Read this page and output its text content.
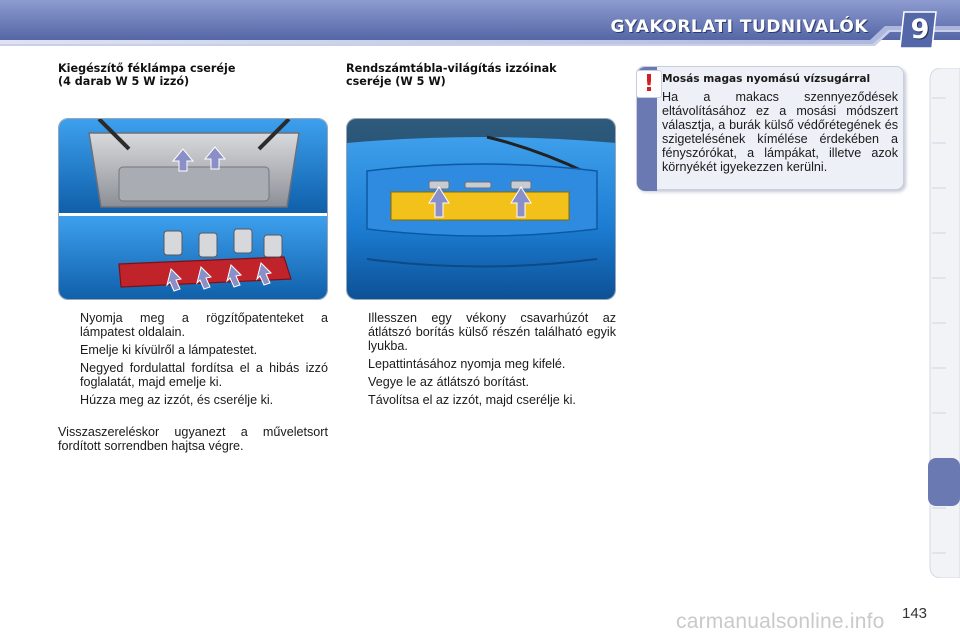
GYAKORLATI TUDNIVALÓK 9
Kiegészítő féklámpa cseréje
(4 darab W 5 W izzó)
Rendszámtábla-világítás izzóinak
cseréje (W 5 W)
Nyomja meg a rögzítőpatenteket a lámpatest oldalain.
Emelje ki kívülről a lámpatestet.
Negyed fordulattal fordítsa el a hibás izzó foglalatát, majd emelje ki.
Húzza meg az izzót, és cserélje ki.
Visszaszereléskor ugyanezt a műveletsort fordított sorrendben hajtsa végre.
Illesszen egy vékony csavarhúzót az átlátszó borítás külső részén található egyik lyukba.
Lepattintásához nyomja meg kifelé.
Vegye le az átlátszó borítást.
Távolítsa el az izzót, majd cserélje ki.
! Mosás magas nyomású vízsugárral
Ha a makacs szennyeződések eltávolításához ez a mosási módszert választja, a burák külső védőrétegének és szigetelésének kímélése érdekében a fényszórókat, a lámpákat, illetve azok környékét igyekezzen kerülni.
carmanualsonline.info 143
